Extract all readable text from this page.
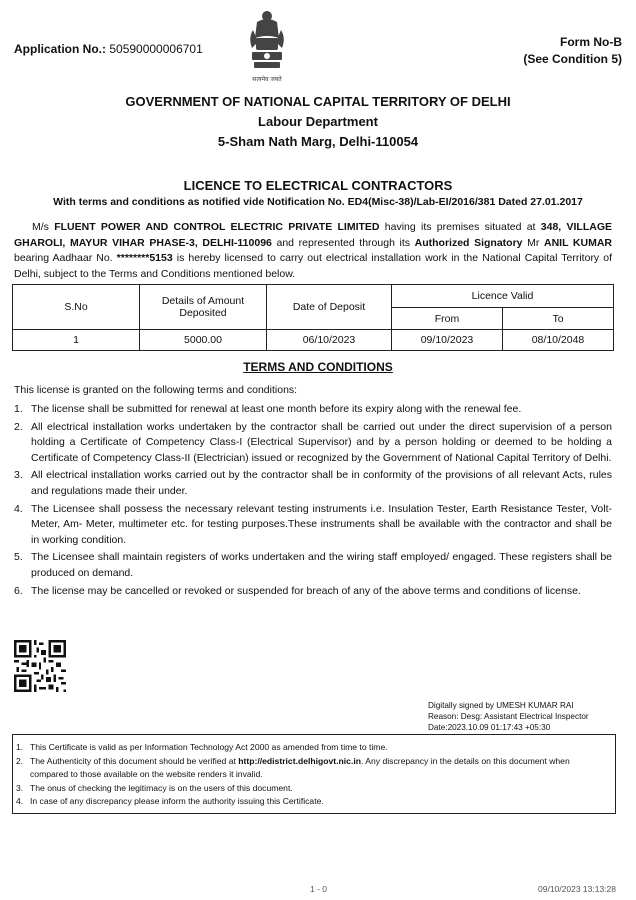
Application No.: 50590000006701
सत्यमेव जयते
Form No-B
(See Condition 5)
GOVERNMENT OF NATIONAL CAPITAL TERRITORY OF DELHI
Labour Department
5-Sham Nath Marg, Delhi-110054
LICENCE TO ELECTRICAL CONTRACTORS
With terms and conditions as notified vide Notification No. ED4(Misc-38)/Lab-EI/2016/381 Dated 27.01.2017
M/s FLUENT POWER AND CONTROL ELECTRIC PRIVATE LIMITED having its premises situated at 348, VILLAGE GHAROLI, MAYUR VIHAR PHASE-3, DELHI-110096 and represented through its Authorized Signatory Mr ANIL KUMAR bearing Aadhaar No. ********5153 is hereby licensed to carry out electrical installation work in the National Capital Territory of Delhi, subject to the Terms and Conditions mentioned below.
S.No	Details of Amount Deposited	Date of Deposit	Licence Valid	
			From	To
1	5000.00	06/10/2023	09/10/2023	08/10/2048
TERMS AND CONDITIONS
This license is granted on the following terms and conditions:
1. The license shall be submitted for renewal at least one month before its expiry along with the renewal fee.
2. All electrical installation works undertaken by the contractor shall be carried out under the direct supervision of a person holding a Certificate of Competency Class-I (Electrical Supervisor) and by a person holding or deemed to be holding a Certificate of Competency Class-II (Electrician) issued or recognized by the Government of National Capital Territory of Delhi.
3. All electrical installation works carried out by the contractor shall be in conformity of the provisions of all relevant Acts, rules and regulations made their under.
4. The Licensee shall possess the necessary relevant testing instruments i.e. Insulation Tester, Earth Resistance Tester, Volt-Meter, Am- Meter, multimeter etc. for testing purposes.These instruments shall be available with the contractor and shall be in working condition.
5. The Licensee shall maintain registers of works undertaken and the wiring staff employed/ engaged. These registers shall be produced on demand.
6. The license may be cancelled or revoked or suspended for breach of any of the above terms and conditions of license.
Digitally signed by UMESH KUMAR RAI
Reason: Desg: Assistant Electrical Inspector
Date:2023.10.09 01:17:43 +05:30
1. This Certificate is valid as per Information Technology Act 2000 as amended from time to time.
2. The Authenticity of this document should be verified at http://edistrict.delhigovt.nic.in. Any discrepancy in the details on this document when compared to those available on the website renders it invalid.
3. The onus of checking the legitimacy is on the users of this document.
4. In case of any discrepancy please inform the authority issuing this Certificate.
1 - 0	09/10/2023 13:13:28
